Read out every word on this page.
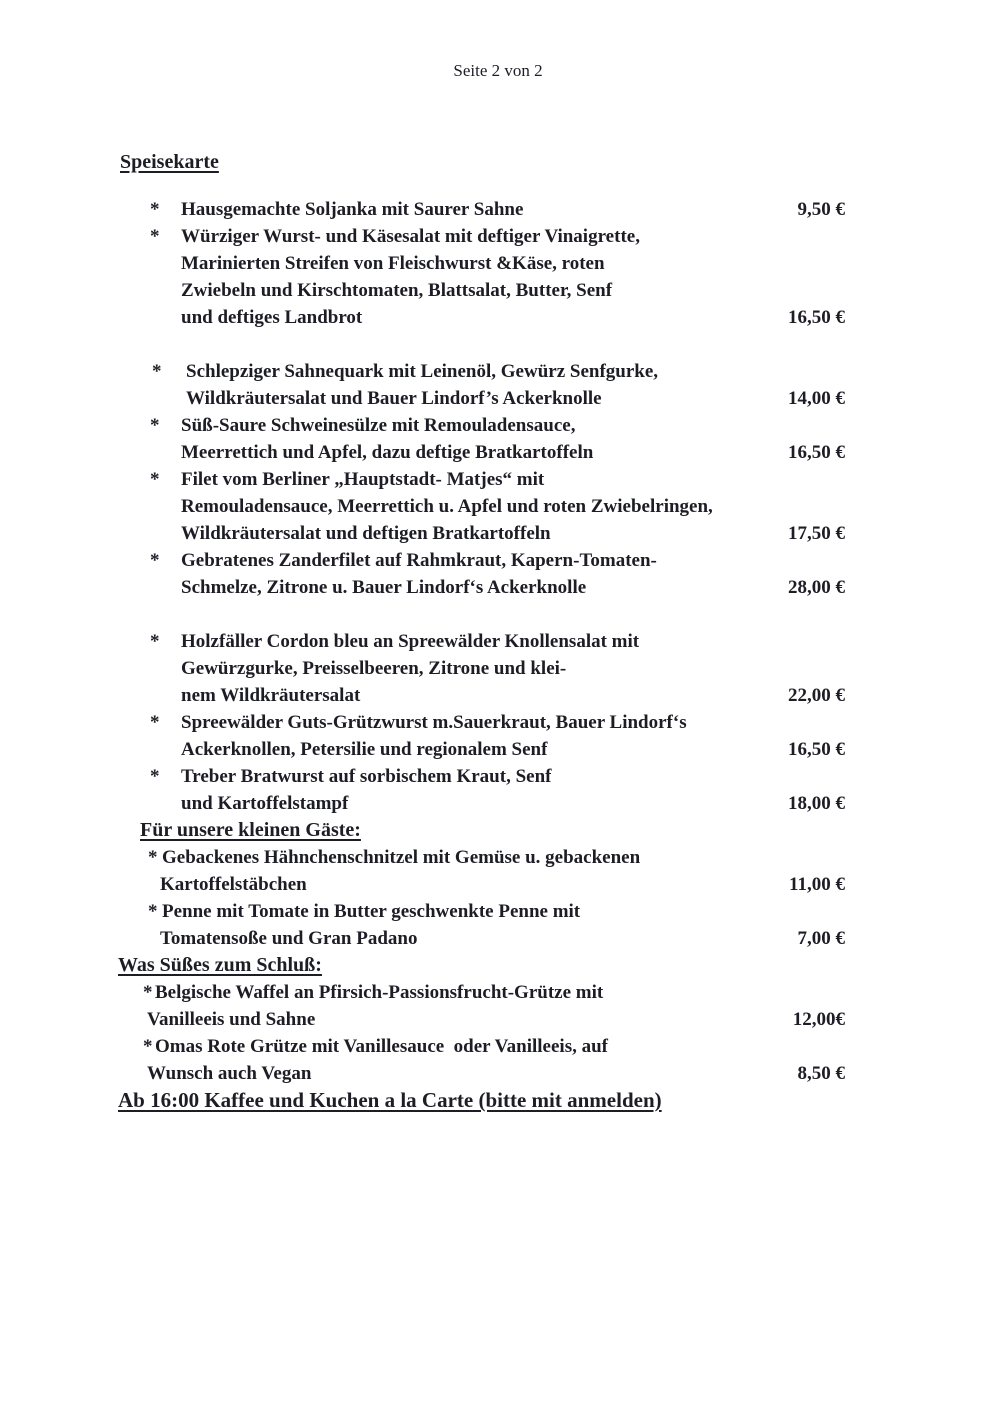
Seite 2 von 2
Speisekarte
*	Hausgemachte Soljanka mit Saurer Sahne	9,50 €
*	Würziger Wurst- und Käsesalat mit deftiger Vinaigrette,
Marinierten Streifen von Fleischwurst &Käse, roten
Zwiebeln und Kirschtomaten, Blattsalat, Butter, Senf
und deftiges Landbrot	16,50 €
*	Schlepziger Sahnequark mit Leinenöl, Gewürz Senfgurke,
Wildkräutersalat und Bauer Lindorf’s Ackerknolle	14,00 €
*	Süß-Saure Schweinesülze mit Remouladensauce,
Meerrettich und Apfel, dazu deftige Bratkartoffeln	16,50 €
*	Filet vom Berliner „Hauptstadt- Matjes“ mit
Remouladensauce, Meerrettich u. Apfel und roten Zwiebelringen,
Wildkräutersalat und deftigen Bratkartoffeln	17,50 €
*	Gebratenes Zanderfilet auf Rahmkraut, Kapern-Tomaten-
Schmelze, Zitrone u. Bauer Lindorf‘s Ackerknolle	28,00 €
*	Holzfäller Cordon bleu an Spreewälder Knollensalat mit
Gewürzgurke, Preisselbeeren, Zitrone und klei-
nem Wildkräutersalat	22,00 €
*	Spreewälder Guts-Grützwurst m.Sauerkraut, Bauer Lindorf‘s
Ackerknollen, Petersilie und regionalem Senf	16,50 €
*	Treber Bratwurst auf sorbischem Kraut, Senf
und Kartoffelstampf	18,00 €
Für unsere kleinen Gäste:
* Gebackenes Hähnchenschnitzel mit Gemüse u. gebackenen
Kartoffelstäbchen	11,00 €
* Penne mit Tomate in Butter geschwenkte Penne mit
Tomatensoße und Gran Padano	7,00 €
Was Süßes zum Schluß:
* Belgische Waffel an Pfirsich-Passionsfrucht-Grütze mit
Vanilleeis und Sahne	12,00€
* Omas Rote Grütze mit Vanillesauce  oder Vanilleeis, auf
Wunsch auch Vegan	8,50 €
Ab 16:00 Kaffee und Kuchen a la Carte (bitte mit anmelden)
